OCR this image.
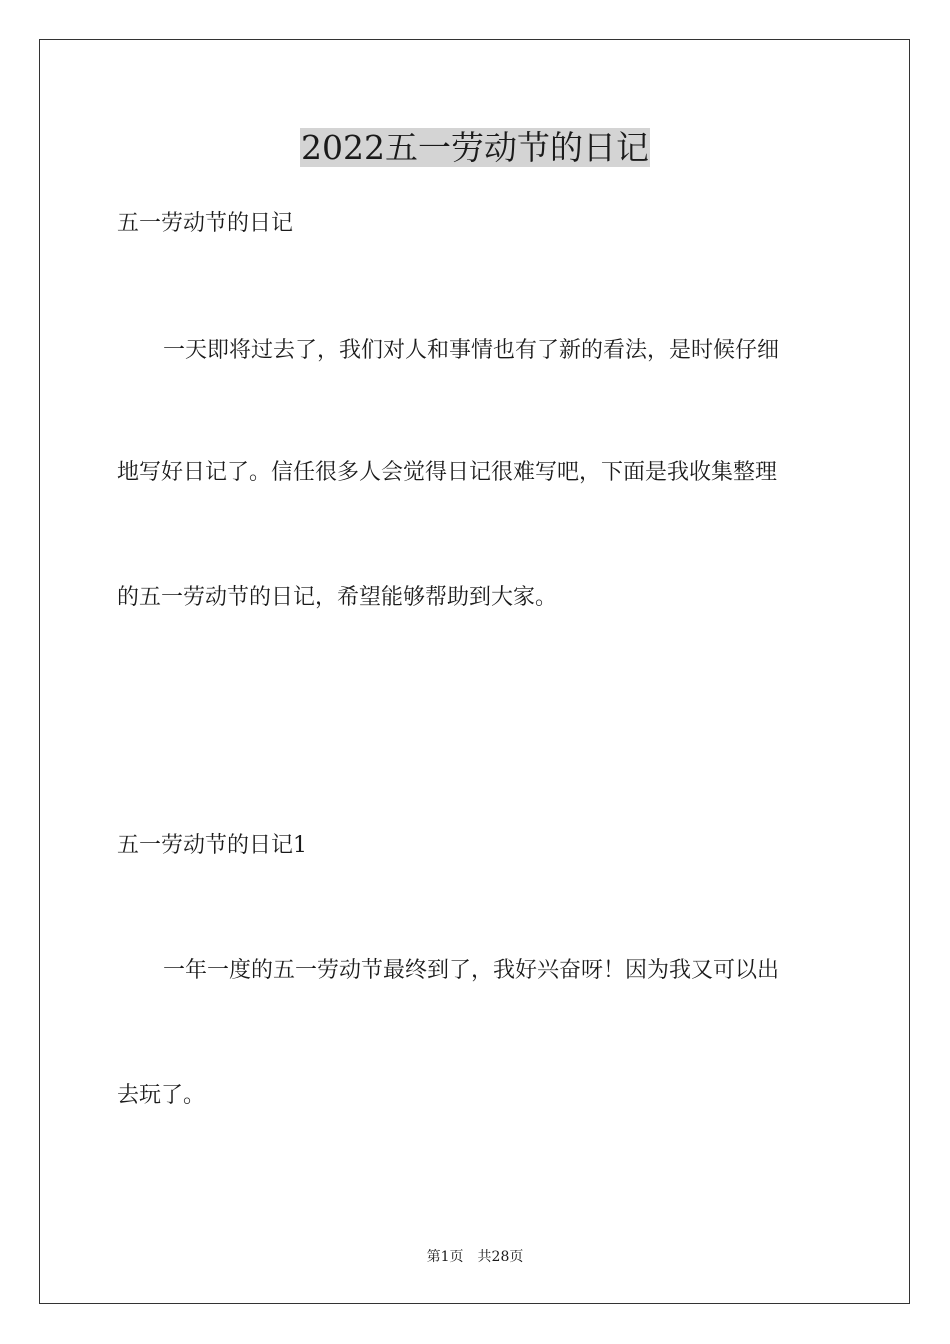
2022五一劳动节的日记

五一劳动节的日记

一天即将过去了，我们对人和事情也有了新的看法，是时候仔细

地写好日记了。信任很多人会觉得日记很难写吧，下面是我收集整理

的五一劳动节的日记，希望能够帮助到大家。

五一劳动节的日记1

一年一度的五一劳动节最终到了，我好兴奋呀！因为我又可以出

去玩了。

第1页 共28页
